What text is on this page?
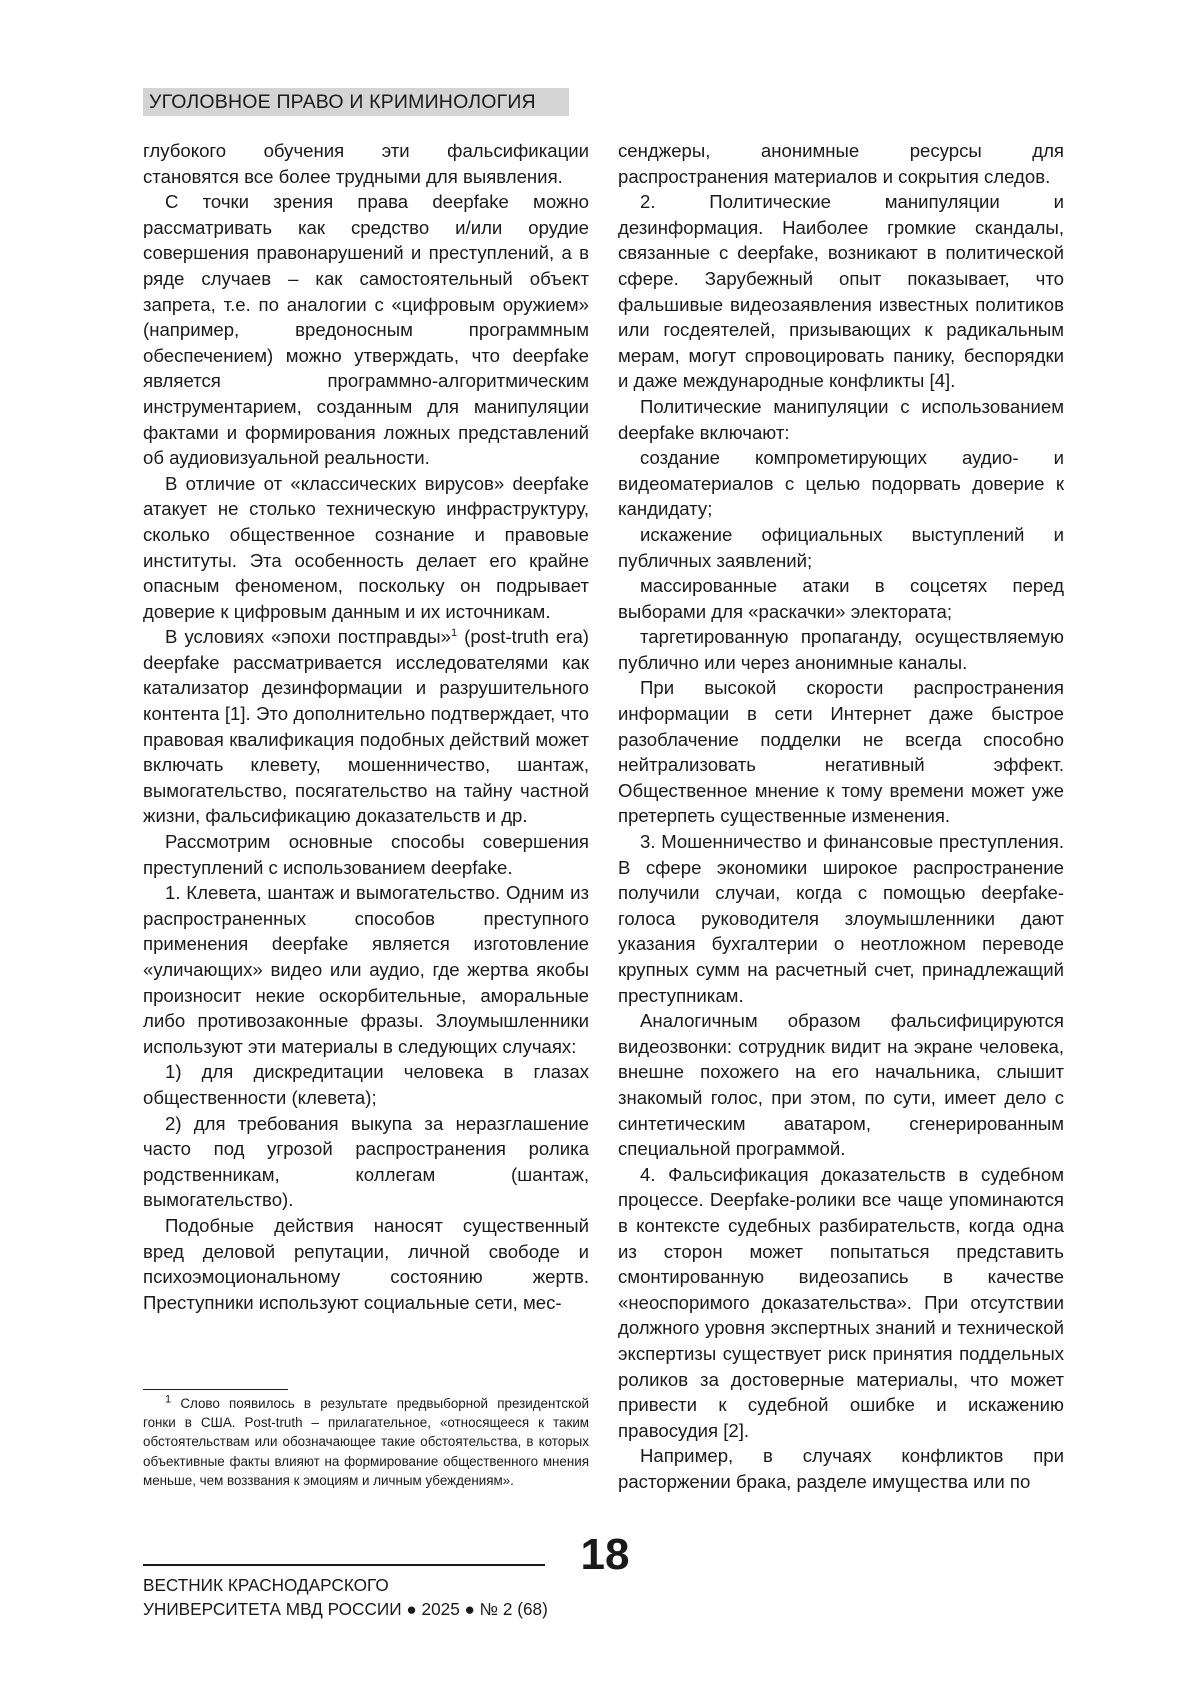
УГОЛОВНОЕ ПРАВО И КРИМИНОЛОГИЯ

глубокого обучения эти фальсификации становятся все более трудными для выявления.

С точки зрения права deepfake можно рассматривать как средство и/или орудие совершения правонарушений и преступлений, а в ряде случаев – как самостоятельный объект запрета, т.е. по аналогии с «цифровым оружием» (например, вредоносным программным обеспечением) можно утверждать, что deepfake является программно-алгоритмическим инструментарием, созданным для манипуляции фактами и формирования ложных представлений об аудиовизуальной реальности.

В отличие от «классических вирусов» deepfake атакует не столько техническую инфраструктуру, сколько общественное сознание и правовые институты. Эта особенность делает его крайне опасным феноменом, поскольку он подрывает доверие к цифровым данным и их источникам.

В условиях «эпохи постправды»$^1$ (post-truth era) deepfake рассматривается исследователями как катализатор дезинформации и разрушительного контента [1]. Это дополнительно подтверждает, что правовая квалификация подобных действий может включать клевету, мошенничество, шантаж, вымогательство, посягательство на тайну частной жизни, фальсификацию доказательств и др.

Рассмотрим основные способы совершения преступлений с использованием deepfake.

1. Клевета, шантаж и вымогательство. Одним из распространенных способов преступного применения deepfake является изготовление «уличающих» видео или аудио, где жертва якобы произносит некие оскорбительные, аморальные либо противозаконные фразы. Злоумышленники используют эти материалы в следующих случаях:

1) для дискредитации человека в глазах общественности (клевета);

2) для требования выкупа за неразглашение часто под угрозой распространения ролика родственникам, коллегам (шантаж, вымогательство).

Подобные действия наносят существенный вред деловой репутации, личной свободе и психоэмоциональному состоянию жертв. Преступники используют социальные сети, мес-

сенджеры, анонимные ресурсы для распространения материалов и сокрытия следов.

2. Политические манипуляции и дезинформация. Наиболее громкие скандалы, связанные с deepfake, возникают в политической сфере. Зарубежный опыт показывает, что фальшивые видеозаявления известных политиков или госдеятелей, призывающих к радикальным мерам, могут спровоцировать панику, беспорядки и даже международные конфликты [4].

Политические манипуляции с использованием deepfake включают:

создание компрометирующих аудио- и видеоматериалов с целью подорвать доверие к кандидату;

искажение официальных выступлений и публичных заявлений;

массированные атаки в соцсетях перед выборами для «раскачки» электората;

таргетированную пропаганду, осуществляемую публично или через анонимные каналы.

При высокой скорости распространения информации в сети Интернет даже быстрое разоблачение подделки не всегда способно нейтрализовать негативный эффект. Общественное мнение к тому времени может уже претерпеть существенные изменения.

3. Мошенничество и финансовые преступления. В сфере экономики широкое распространение получили случаи, когда с помощью deepfake-голоса руководителя злоумышленники дают указания бухгалтерии о неотложном переводе крупных сумм на расчетный счет, принадлежащий преступникам.

Аналогичным образом фальсифицируются видеозвонки: сотрудник видит на экране человека, внешне похожего на его начальника, слышит знакомый голос, при этом, по сути, имеет дело с синтетическим аватаром, сгенерированным специальной программой.

4. Фальсификация доказательств в судебном процессе. Deepfake-ролики все чаще упоминаются в контексте судебных разбирательств, когда одна из сторон может попытаться представить смонтированную видеозапись в качестве «неоспоримого доказательства». При отсутствии должного уровня экспертных знаний и технической экспертизы существует риск принятия поддельных роликов за достоверные материалы, что может привести к судебной ошибке и искажению правосудия [2].

Например, в случаях конфликтов при расторжении брака, разделе имущества или по

$^1$ Слово появилось в результате предвыборной президентской гонки в США. Post-truth – прилагательное, «относящееся к таким обстоятельствам или обозначающее такие обстоятельства, в которых объективные факты влияют на формирование общественного мнения меньше, чем воззвания к эмоциям и личным убеждениям».

18
ВЕСТНИК КРАСНОДАРСКОГО
УНИВЕРСИТЕТА МВД РОССИИ ● 2025 ● № 2 (68)
